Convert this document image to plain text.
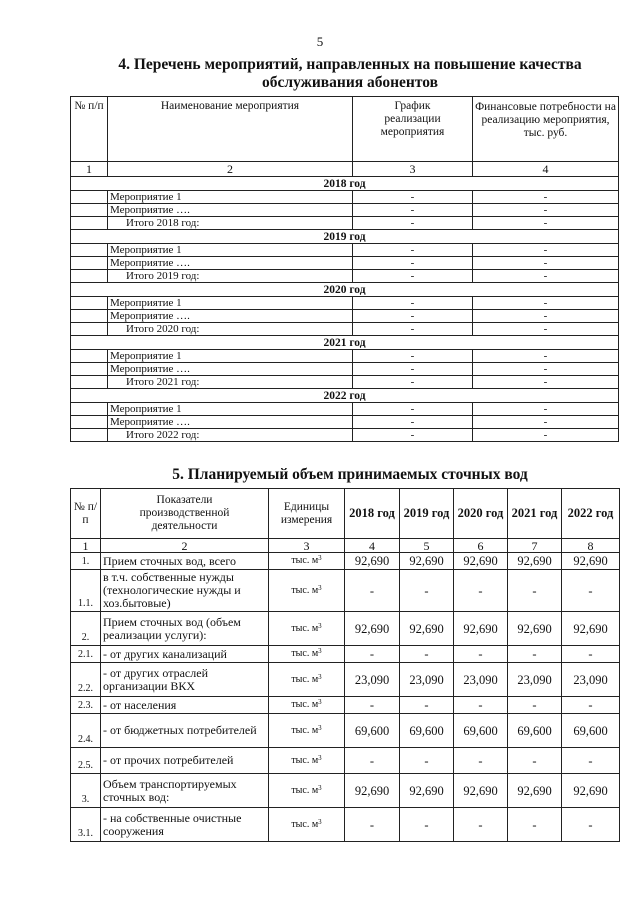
5
4. Перечень мероприятий, направленных на повышение качества
обслуживания абонентов
№ п/п	Наименование мероприятия	График реализации мероприятия	Финансовые потребности на реализацию мероприятия, тыс. руб.
1	2	3	4
2018 год			
	Мероприятие 1	-	-
	Мероприятие ….	-	-
	Итого 2018 год:	-	-
2019 год			
	Мероприятие 1	-	-
	Мероприятие ….	-	-
	Итого 2019 год:	-	-
2020 год			
	Мероприятие 1	-	-
	Мероприятие ….	-	-
	Итого 2020 год:	-	-
2021 год			
	Мероприятие 1	-	-
	Мероприятие ….	-	-
	Итого 2021 год:	-	-
2022 год			
	Мероприятие 1	-	-
	Мероприятие ….	-	-
	Итого 2022 год:	-	-
5. Планируемый объем принимаемых сточных вод
№ п/ п	Показатели производственной деятельности	Единицы измерения	2018 год	2019 год	2020 год	2021 год	2022 год
1	2	3	4	5	6	7	8
1.	Прием сточных вод, всего	тыс. $м^3$	92,690	92,690	92,690	92,690	92,690
1.1.	в т.ч. собственные нужды (технологические нужды и хоз.бытовые)	тыс. $м^3$	-	-	-	-	-
2.	Прием сточных вод (объем реализации услуги):	тыс. $м^3$	92,690	92,690	92,690	92,690	92,690
2.1.	- от других канализаций	тыс. $м^3$	-	-	-	-	-
2.2.	- от других отраслей организации ВКХ	тыс. $м^3$	23,090	23,090	23,090	23,090	23,090
2.3.	- от населения	тыс. $м^3$	-	-	-	-	-
2.4.	- от бюджетных потребителей	тыс. $м^3$	69,600	69,600	69,600	69,600	69,600
2.5.	- от прочих потребителей	тыс. $м^3$	-	-	-	-	-
3.	Объем транспортируемых сточных вод:	тыс. $м^3$	92,690	92,690	92,690	92,690	92,690
3.1.	- на собственные очистные сооружения	тыс. $м^3$	-	-	-	-	-
